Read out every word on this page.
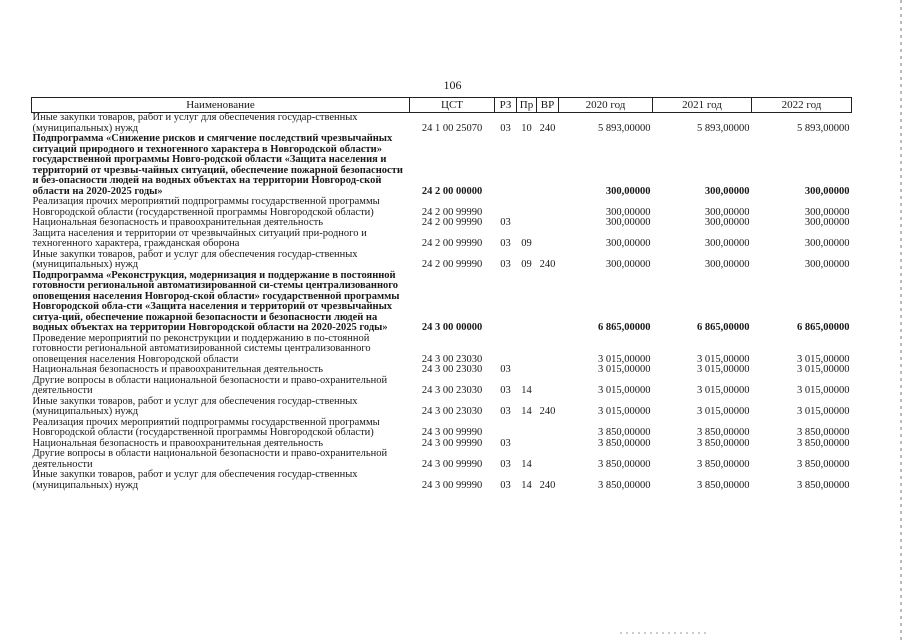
106
Наименование	ЦСТ	РЗ	Пр	ВР	2020 год	2021 год	2022 год
Иные закупки товаров, работ и услуг для обеспечения государ-ственных (муниципальных) нужд	24 1 00 25070	03	10	240	5 893,00000	5 893,00000	5 893,00000
Подпрограмма «Снижение рисков и смягчение последствий чрезвычайных ситуаций природного и техногенного характера в Новгородской области» государственной программы Новго-родской области «Защита населения и территорий от чрезвы-чайных ситуаций, обеспечение пожарной безопасности и без-опасности людей на водных объектах на территории Новгород-ской области на 2020-2025 годы»	24 2 00 00000				300,00000	300,00000	300,00000
Реализация прочих мероприятий подпрограммы государственной программы Новгородской области (государственной программы Новгородской области)	24 2 00 99990				300,00000	300,00000	300,00000
Национальная безопасность и правоохранительная деятельность	24 2 00 99990	03			300,00000	300,00000	300,00000
Защита населения и территории от чрезвычайных ситуаций при-родного и техногенного характера, гражданская оборона	24 2 00 99990	03	09		300,00000	300,00000	300,00000
Иные закупки товаров, работ и услуг для обеспечения государ-ственных (муниципальных) нужд	24 2 00 99990	03	09	240	300,00000	300,00000	300,00000
Подпрограмма «Реконструкция, модернизация и поддержание в постоянной готовности региональной автоматизированной си-стемы централизованного оповещения населения Новгород-ской области» государственной программы Новгородской обла-сти «Защита населения и территорий от чрезвычайных ситуа-ций, обеспечение пожарной безопасности и безопасности людей на водных объектах на территории Новгородской области на 2020-2025 годы»	24 3 00 00000				6 865,00000	6 865,00000	6 865,00000
Проведение мероприятий по реконструкции и поддержанию в по-стоянной готовности региональной автоматизированной системы централизованного оповещения населения Новгородской области	24 3 00 23030				3 015,00000	3 015,00000	3 015,00000
Национальная безопасность и правоохранительная деятельность	24 3 00 23030	03			3 015,00000	3 015,00000	3 015,00000
Другие вопросы в области национальной безопасности и право-охранительной деятельности	24 3 00 23030	03	14		3 015,00000	3 015,00000	3 015,00000
Иные закупки товаров, работ и услуг для обеспечения государ-ственных (муниципальных) нужд	24 3 00 23030	03	14	240	3 015,00000	3 015,00000	3 015,00000
Реализация прочих мероприятий подпрограммы государственной программы Новгородской области (государственной программы Новгородской области)	24 3 00 99990				3 850,00000	3 850,00000	3 850,00000
Национальная безопасность и правоохранительная деятельность	24 3 00 99990	03			3 850,00000	3 850,00000	3 850,00000
Другие вопросы в области национальной безопасности и право-охранительной деятельности	24 3 00 99990	03	14		3 850,00000	3 850,00000	3 850,00000
Иные закупки товаров, работ и услуг для обеспечения государ-ственных (муниципальных) нужд	24 3 00 99990	03	14	240	3 850,00000	3 850,00000	3 850,00000
